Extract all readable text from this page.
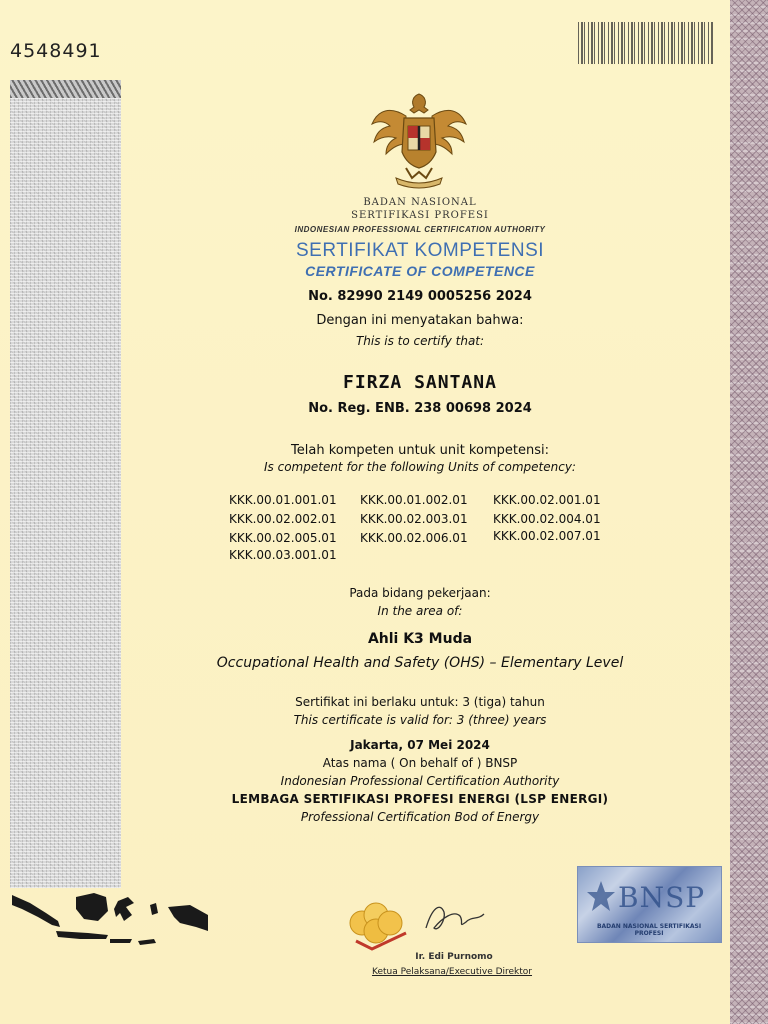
4548491
BADAN NASIONAL
SERTIFIKASI PROFESI
INDONESIAN PROFESSIONAL CERTIFICATION AUTHORITY
SERTIFIKAT KOMPETENSI
CERTIFICATE OF COMPETENCE
No. 82990 2149 0005256 2024
Dengan ini menyatakan bahwa:
This is to certify that:
FIRZA SANTANA
No. Reg. ENB. 238 00698 2024
Telah kompeten untuk unit kompetensi:
Is competent for the following Units of competency:
KKK.00.01.001.01 KKK.00.01.002.01 KKK.00.02.001.01
KKK.00.02.002.01 KKK.00.02.003.01 KKK.00.02.004.01
KKK.00.02.005.01 KKK.00.02.006.01 KKK.00.02.007.01
KKK.00.03.001.01
Pada bidang pekerjaan:
In the area of:
Ahli K3 Muda
Occupational Health and Safety (OHS) – Elementary Level
Sertifikat ini berlaku untuk: 3 (tiga) tahun
This certificate is valid for: 3 (three) years
Jakarta, 07 Mei 2024
Atas nama ( On behalf of ) BNSP
Indonesian Professional Certification Authority
LEMBAGA SERTIFIKASI PROFESI ENERGI (LSP ENERGI)
Professional Certification Bod of Energy
Ir. Edi Purnomo
Ketua Pelaksana/Executive Direktor
BNSP
BADAN NASIONAL SERTIFIKASI PROFESI
